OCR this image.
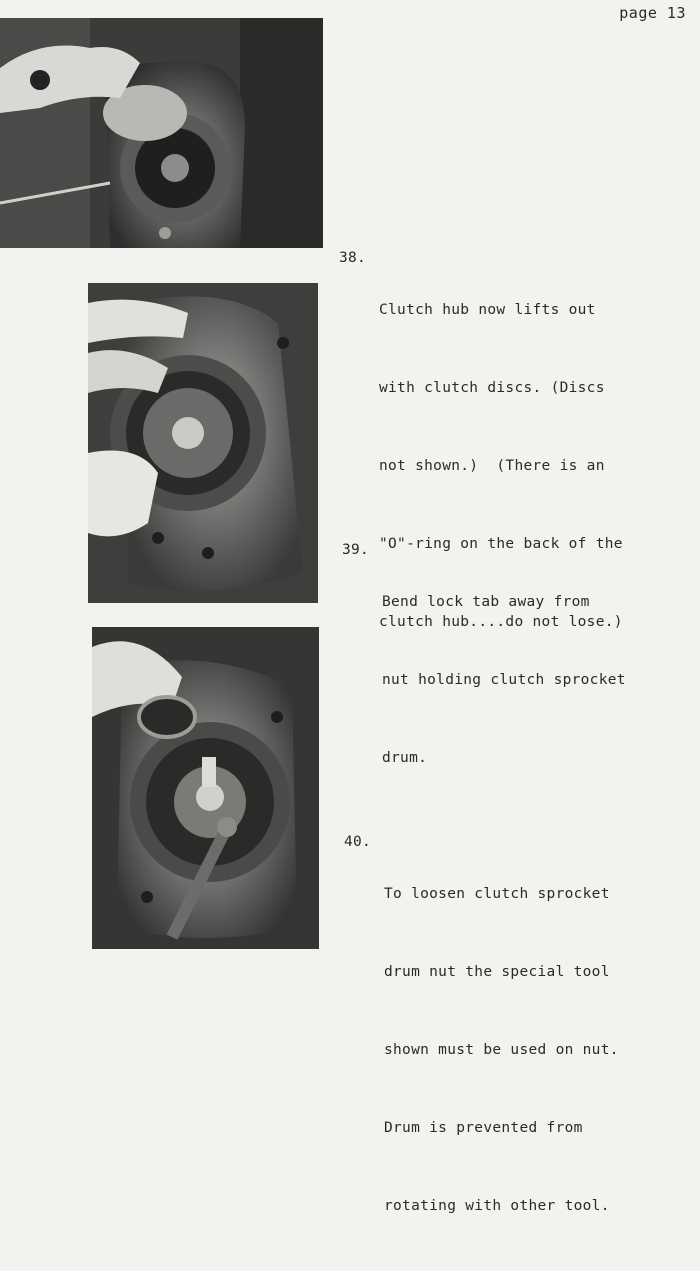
page 13
38.

Clutch hub now lifts out

with clutch discs. (Discs

not shown.)  (There is an

"O"-ring on the back of the

clutch hub....do not lose.)

39.

Bend lock tab away from

nut holding clutch sprocket

drum.

40.

To loosen clutch sprocket

drum nut the special tool

shown must be used on nut.

Drum is prevented from

rotating with other tool.
